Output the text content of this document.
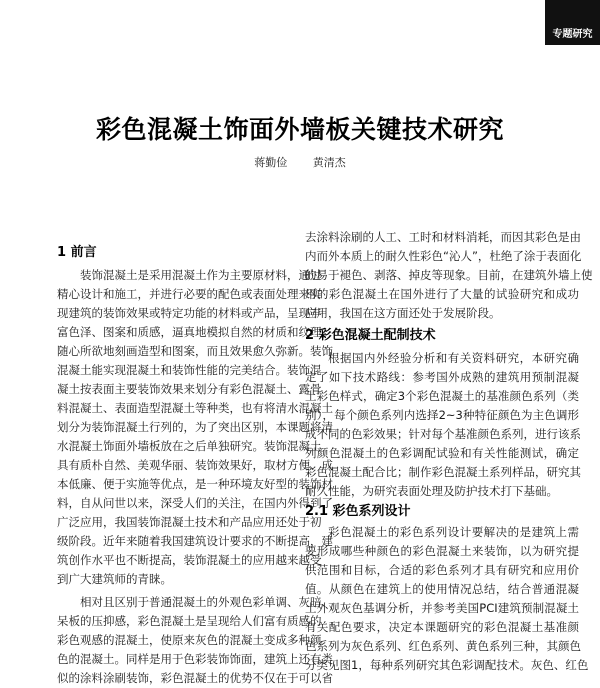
专题研究
彩色混凝土饰面外墙板关键技术研究
蒋勤俭 黄清杰
1 前言
装饰混凝土是采用混凝土作为主要原材料，通过
精心设计和施工，并进行必要的配色或表面处理来实
现建筑的装饰效果或特定功能的材料或产品，呈现丰
富色泽、图案和质感，逼真地模拟自然的材质和纹理，
随心所欲地刻画造型和图案，而且效果愈久弥新。装饰
混凝土能实现混凝土和装饰性能的完美结合。装饰混
凝土按表面主要装饰效果来划分有彩色混凝土、露骨
料混凝土、表面造型混凝土等种类，也有将清水混凝土
划分为装饰混凝土行列的，为了突出区别，本课题将清
水混凝土饰面外墙板放在之后单独研究。装饰混凝土
具有质朴自然、美观华丽、装饰效果好，取材方便、成
本低廉、便于实施等优点，是一种环境友好型的装饰材
料，自从问世以来，深受人们的关注，在国内外得到了
广泛应用，我国装饰混凝土技术和产品应用还处于初
级阶段。近年来随着我国建筑设计要求的不断提高，建
筑创作水平也不断提高，装饰混凝土的应用越来越受
到广大建筑师的青睐。
相对且区别于普通混凝土的外观色彩单调、灰暗、
呆板的压抑感，彩色混凝土是呈现给人们富有质感的
彩色观感的混凝土，使原来灰色的混凝土变成多种颜
色的混凝土。同样是用于色彩装饰饰面，建筑上还有类
似的涂料涂刷装饰，彩色混凝土的优势不仅在于可以省
去涂料涂刷的人工、工时和材料消耗，而因其彩色是由
内而外本质上的耐久性彩色“沁人”，杜绝了涂于表面化
的易于褪色、剥落、掉皮等现象。目前，在建筑外墙上使
用的彩色混凝土在国外进行了大量的试验研究和成功
应用，我国在这方面还处于发展阶段。
2 彩色混凝土配制技术
根据国内外经验分析和有关资料研究，本研究确
定了如下技术路线：参考国外成熟的建筑用预制混凝
土彩色样式，确定3个彩色混凝土的基准颜色系列（类
别），每个颜色系列内选择2~3种特征颜色为主色调形
成不同的色彩效果；针对每个基准颜色系列，进行该系
列颜色混凝土的色彩调配试验和有关性能测试，确定
彩色混凝土配合比；制作彩色混凝土系列样品，研究其
耐久性能，为研究表面处理及防护技术打下基础。
2.1 彩色系列设计
彩色混凝土的彩色系列设计要解决的是建筑上需
要形成哪些种颜色的彩色混凝土来装饰，以为研究提
供范围和目标，合适的彩色系列才具有研究和应用价
值。从颜色在建筑上的使用情况总结，结合普通混凝
土外观灰色基调分析，并参考美国PCI建筑预制混凝土
有关配色要求，决定本课题研究的彩色混凝土基准颜
色系列为灰色系列、红色系列、黄色系列三种，其颜色
分类见图1，每种系列研究其色彩调配技术。灰色、红色
